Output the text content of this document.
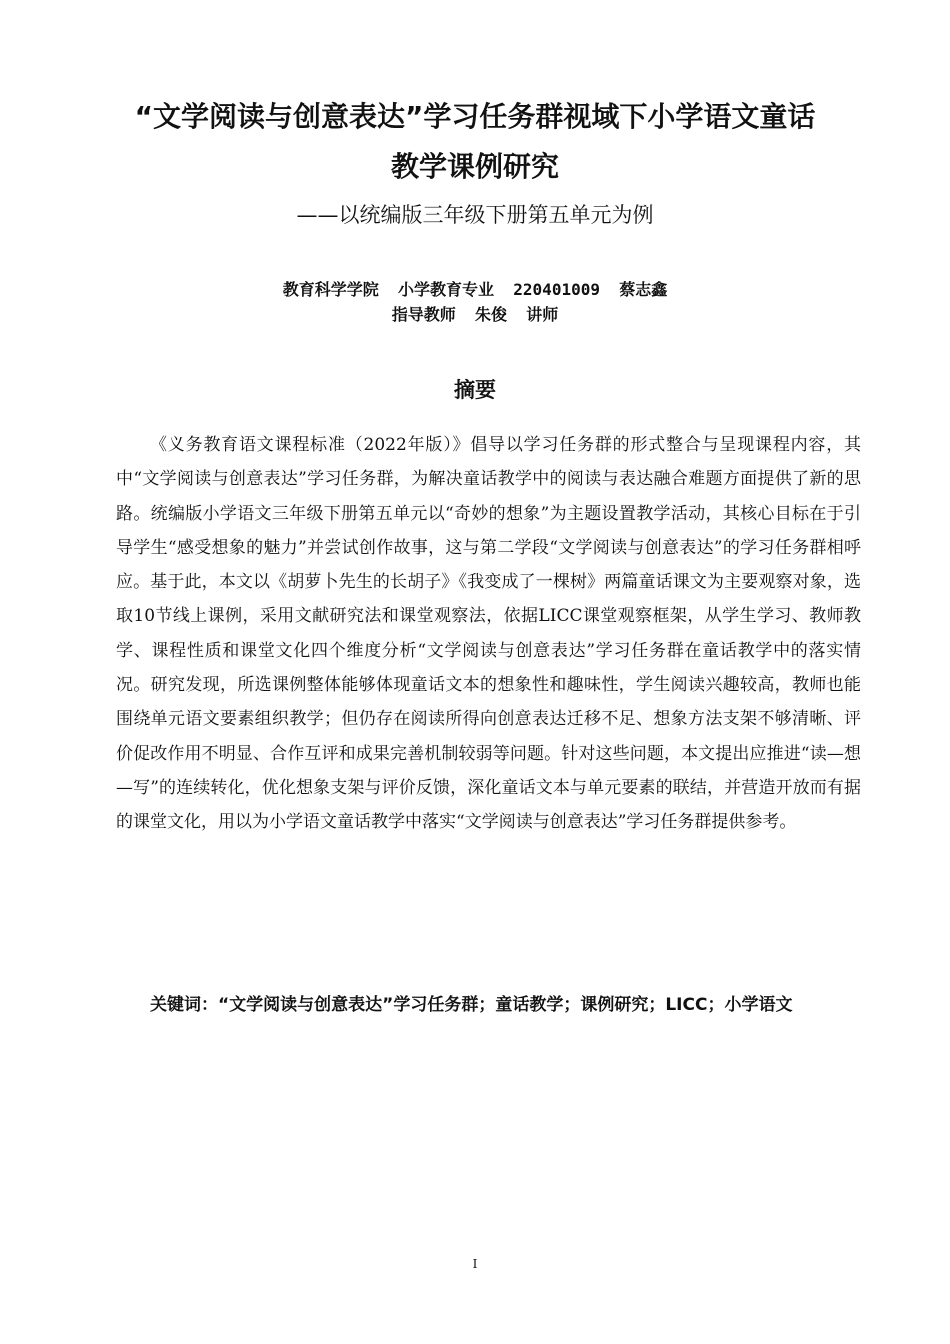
“文学阅读与创意表达”学习任务群视域下小学语文童话
教学课例研究
——以统编版三年级下册第五单元为例
教育科学学院  小学教育专业  220401009  蔡志鑫
指导教师  朱俊  讲师
摘要

《义务教育语文课程标准（2022年版）》倡导以学习任务群的形式整合与呈现课程内容，其中“文学阅读与创意表达”学习任务群，为解决童话教学中的阅读与表达融合难题方面提供了新的思路。统编版小学语文三年级下册第五单元以“奇妙的想象”为主题设置教学活动，其核心目标在于引导学生“感受想象的魅力”并尝试创作故事，这与第二学段“文学阅读与创意表达”的学习任务群相呼应。基于此，本文以《胡萝卜先生的长胡子》《我变成了一棵树》两篇童话课文为主要观察对象，选取10节线上课例，采用文献研究法和课堂观察法，依据LICC课堂观察框架，从学生学习、教师教学、课程性质和课堂文化四个维度分析“文学阅读与创意表达”学习任务群在童话教学中的落实情况。研究发现，所选课例整体能够体现童话文本的想象性和趣味性，学生阅读兴趣较高，教师也能围绕单元语文要素组织教学；但仍存在阅读所得向创意表达迁移不足、想象方法支架不够清晰、评价促改作用不明显、合作互评和成果完善机制较弱等问题。针对这些问题，本文提出应推进“读—想—写”的连续转化，优化想象支架与评价反馈，深化童话文本与单元要素的联结，并营造开放而有据的课堂文化，用以为小学语文童话教学中落实“文学阅读与创意表达”学习任务群提供参考。

关键词：“文学阅读与创意表达”学习任务群；童话教学；课例研究；LICC；小学语文

I
